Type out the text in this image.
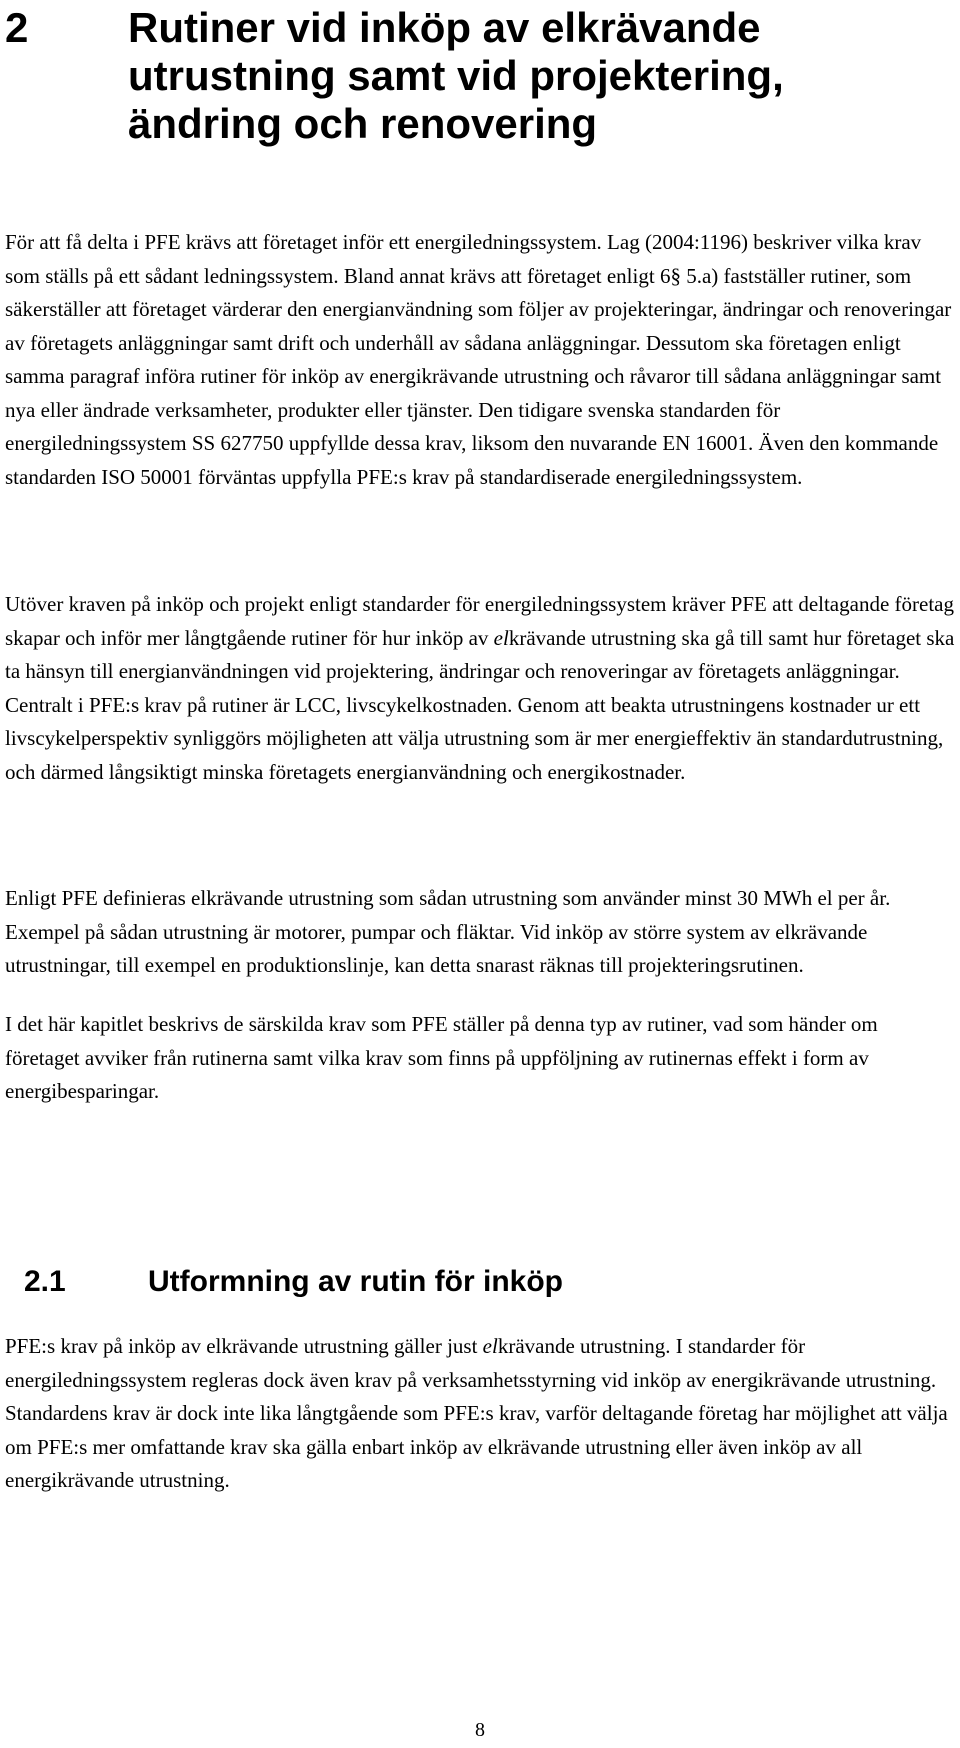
2 Rutiner vid inköp av elkrävande utrustning samt vid projektering, ändring och renovering

För att få delta i PFE krävs att företaget inför ett energiledningssystem. Lag (2004:1196) beskriver vilka krav som ställs på ett sådant ledningssystem. Bland annat krävs att företaget enligt 6§ 5.a) fastställer rutiner, som säkerställer att företaget värderar den energianvändning som följer av projekteringar, ändringar och renoveringar av företagets anläggningar samt drift och underhåll av sådana anläggningar. Dessutom ska företagen enligt samma paragraf införa rutiner för inköp av energikrävande utrustning och råvaror till sådana anläggningar samt nya eller ändrade verksamheter, produkter eller tjänster. Den tidigare svenska standarden för energiledningssystem SS 627750 uppfyllde dessa krav, liksom den nuvarande EN 16001. Även den kommande standarden ISO 50001 förväntas uppfylla PFE:s krav på standardiserade energiledningssystem.

Utöver kraven på inköp och projekt enligt standarder för energiledningssystem kräver PFE att deltagande företag skapar och inför mer långtgående rutiner för hur inköp av elkrävande utrustning ska gå till samt hur företaget ska ta hänsyn till energianvändningen vid projektering, ändringar och renoveringar av företagets anläggningar. Centralt i PFE:s krav på rutiner är LCC, livscykelkostnaden. Genom att beakta utrustningens kostnader ur ett livscykelperspektiv synliggörs möjligheten att välja utrustning som är mer energieffektiv än standardutrustning, och därmed långsiktigt minska företagets energianvändning och energikostnader.

Enligt PFE definieras elkrävande utrustning som sådan utrustning som använder minst 30 MWh el per år. Exempel på sådan utrustning är motorer, pumpar och fläktar. Vid inköp av större system av elkrävande utrustningar, till exempel en produktionslinje, kan detta snarast räknas till projekteringsrutinen.

I det här kapitlet beskrivs de särskilda krav som PFE ställer på denna typ av rutiner, vad som händer om företaget avviker från rutinerna samt vilka krav som finns på uppföljning av rutinernas effekt i form av energibesparingar.

2.1	Utformning av rutin för inköp

PFE:s krav på inköp av elkrävande utrustning gäller just elkrävande utrustning. I standarder för energiledningssystem regleras dock även krav på verksamhetsstyrning vid inköp av energikrävande utrustning. Standardens krav är dock inte lika långtgående som PFE:s krav, varför deltagande företag har möjlighet att välja om PFE:s mer omfattande krav ska gälla enbart inköp av elkrävande utrustning eller även inköp av all energikrävande utrustning.

8
